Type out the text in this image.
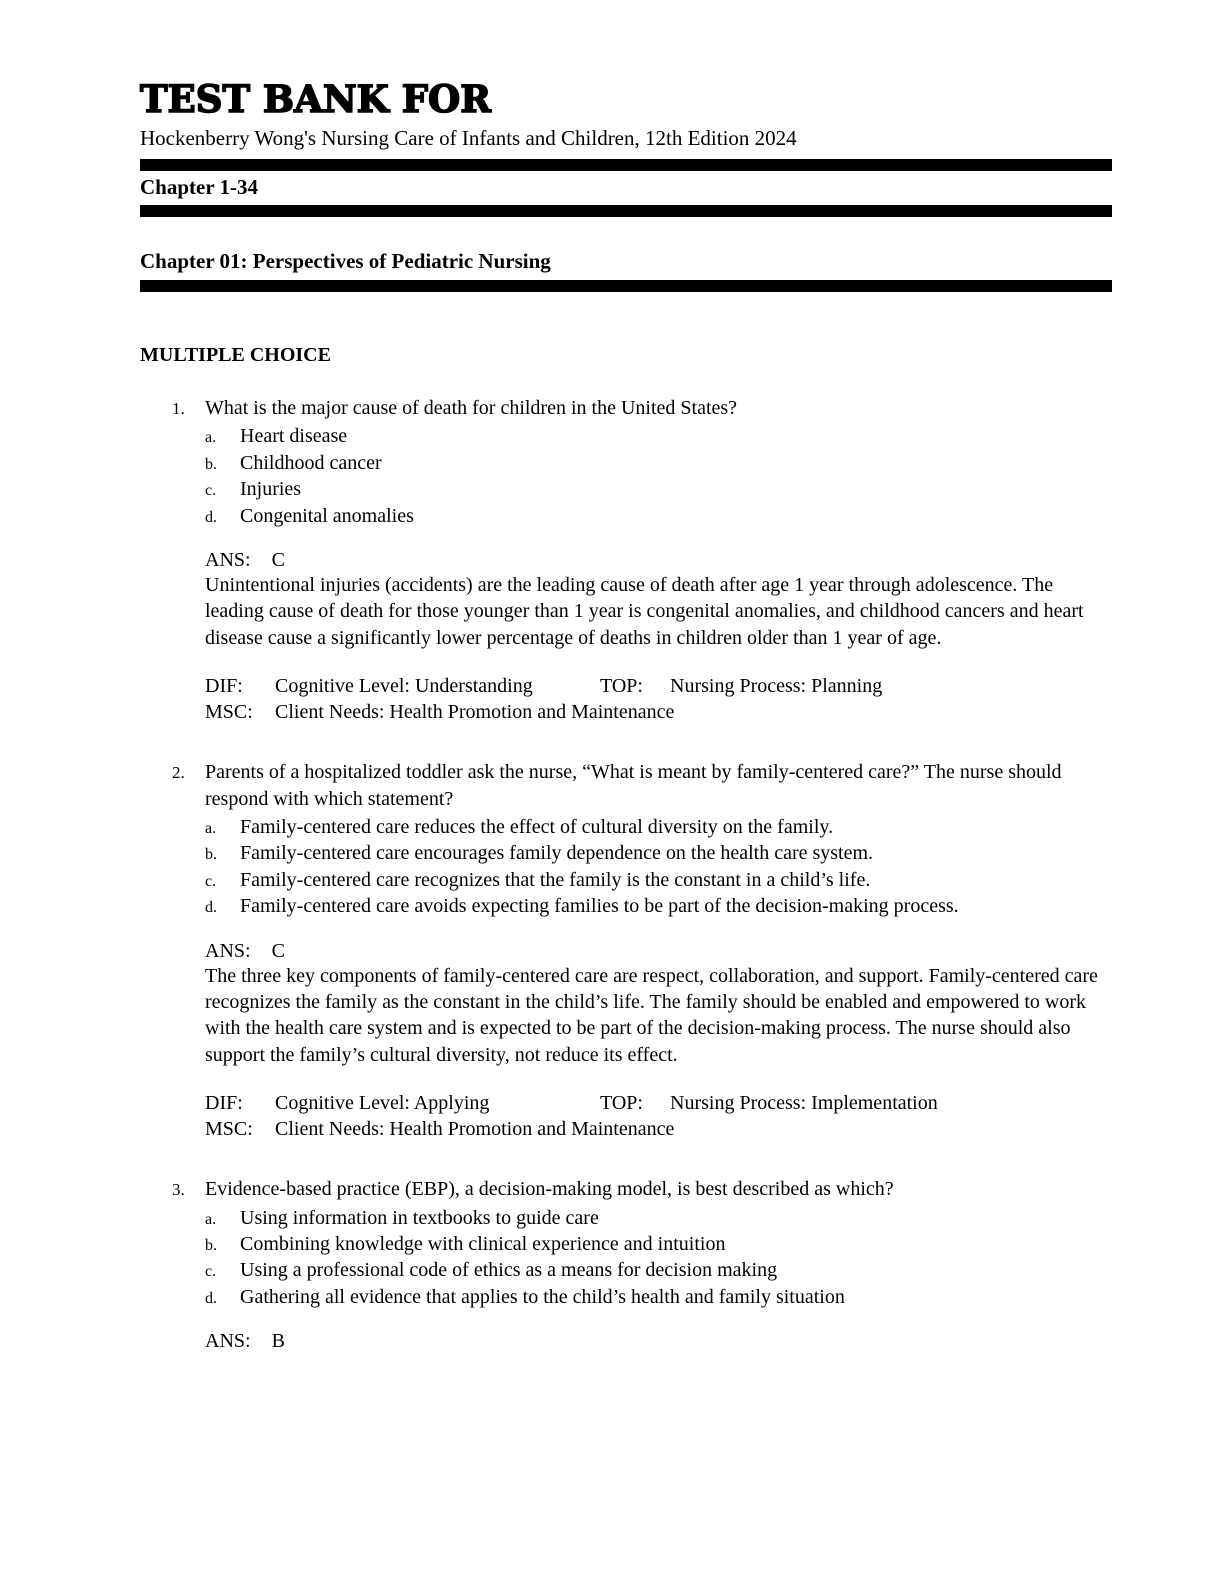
TEST BANK FOR
Hockenberry Wong's Nursing Care of Infants and Children, 12th Edition 2024
Chapter 1-34
Chapter 01: Perspectives of Pediatric Nursing
MULTIPLE CHOICE
1.	What is the major cause of death for children in the United States?
a.	Heart disease
b.	Childhood cancer
c.	Injuries
d.	Congenital anomalies
ANS: C
Unintentional injuries (accidents) are the leading cause of death after age 1 year through adolescence. The leading cause of death for those younger than 1 year is congenital anomalies, and childhood cancers and heart disease cause a significantly lower percentage of deaths in children older than 1 year of age.
DIF: Cognitive Level: Understanding	TOP: Nursing Process: Planning
MSC: Client Needs: Health Promotion and Maintenance
2.	Parents of a hospitalized toddler ask the nurse, “What is meant by family-centered care?” The nurse should respond with which statement?
a.	Family-centered care reduces the effect of cultural diversity on the family.
b.	Family-centered care encourages family dependence on the health care system.
c.	Family-centered care recognizes that the family is the constant in a child’s life.
d.	Family-centered care avoids expecting families to be part of the decision-making process.
ANS: C
The three key components of family-centered care are respect, collaboration, and support. Family-centered care recognizes the family as the constant in the child’s life. The family should be enabled and empowered to work with the health care system and is expected to be part of the decision-making process. The nurse should also support the family’s cultural diversity, not reduce its effect.
DIF: Cognitive Level: Applying	TOP: Nursing Process: Implementation
MSC: Client Needs: Health Promotion and Maintenance
3.	Evidence-based practice (EBP), a decision-making model, is best described as which?
a.	Using information in textbooks to guide care
b.	Combining knowledge with clinical experience and intuition
c.	Using a professional code of ethics as a means for decision making
d.	Gathering all evidence that applies to the child’s health and family situation
ANS: B
